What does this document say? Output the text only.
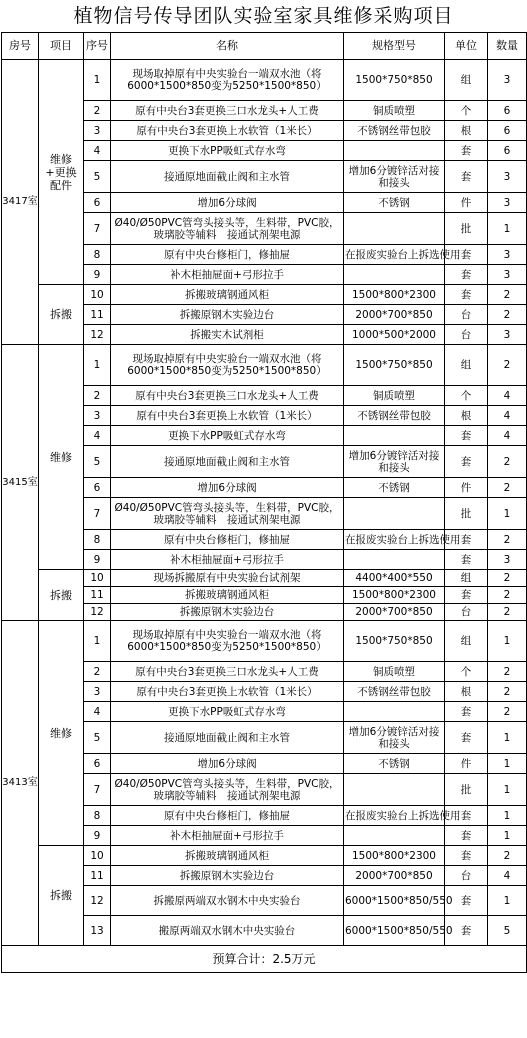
植物信号传导团队实验室家具维修采购项目
房号	项目	序号	名称	规格型号	单位	数量
3417室	维修+更换配件	1	现场取掉原有中央实验台一端双水池（将6000*1500*850变为5250*1500*850）	1500*750*850	组	3
		2	原有中央台3套更换三口水龙头+人工费	铜质喷塑	个	6
		3	原有中央台3套更换上水软管（1米长）	不锈钢丝带包胶	根	6
		4	更换下水PP吸虹式存水弯		套	6
		5	接通原地面截止阀和主水管	增加6分镀锌活对接和接头	套	3
		6	增加6分球阀	不锈钢	件	3
		7	Ø40/Ø50PVC管弯头接头等，生料带，PVC胶，玻璃胶等辅料　接通试剂架电源		批	1
		8	原有中央台修柜门，修抽屉	在报废实验台上拆选使用	套	3
		9	补木柜抽屉面+弓形拉手		套	3
	拆搬	10	拆搬玻璃钢通风柜	1500*800*2300	套	2
		11	拆搬原钢木实验边台	2000*700*850	台	2
		12	拆搬实木试剂柜	1000*500*2000	台	3
3415室	维修	1	现场取掉原有中央实验台一端双水池（将6000*1500*850变为5250*1500*850）	1500*750*850	组	2
		2	原有中央台3套更换三口水龙头+人工费	铜质喷塑	个	4
		3	原有中央台3套更换上水软管（1米长）	不锈钢丝带包胶	根	4
		4	更换下水PP吸虹式存水弯		套	4
		5	接通原地面截止阀和主水管	增加6分镀锌活对接和接头	套	2
		6	增加6分球阀	不锈钢	件	2
		7	Ø40/Ø50PVC管弯头接头等，生料带，PVC胶，玻璃胶等辅料　接通试剂架电源		批	1
		8	原有中央台修柜门，修抽屉	在报废实验台上拆选使用	套	2
		9	补木柜抽屉面+弓形拉手		套	3
	拆搬	10	现场拆搬原有中央实验台试剂架	4400*400*550	组	2
		11	拆搬玻璃钢通风柜	1500*800*2300	套	2
		12	拆搬原钢木实验边台	2000*700*850	台	2
3413室	维修	1	现场取掉原有中央实验台一端双水池（将6000*1500*850变为5250*1500*850）	1500*750*850	组	1
		2	原有中央台3套更换三口水龙头+人工费	铜质喷塑	个	2
		3	原有中央台3套更换上水软管（1米长）	不锈钢丝带包胶	根	2
		4	更换下水PP吸虹式存水弯		套	2
		5	接通原地面截止阀和主水管	增加6分镀锌活对接和接头	套	1
		6	增加6分球阀	不锈钢	件	1
		7	Ø40/Ø50PVC管弯头接头等，生料带，PVC胶，玻璃胶等辅料　接通试剂架电源		批	1
		8	原有中央台修柜门，修抽屉	在报废实验台上拆选使用	套	1
		9	补木柜抽屉面+弓形拉手		套	1
	拆搬	10	拆搬玻璃钢通风柜	1500*800*2300	套	2
		11	拆搬原钢木实验边台	2000*700*850	台	4
		12	拆搬原两端双水钢木中央实验台	6000*1500*850/550	套	1
		13	搬原两端双水钢木中央实验台	6000*1500*850/550	套	5
预算合计：2.5万元						
